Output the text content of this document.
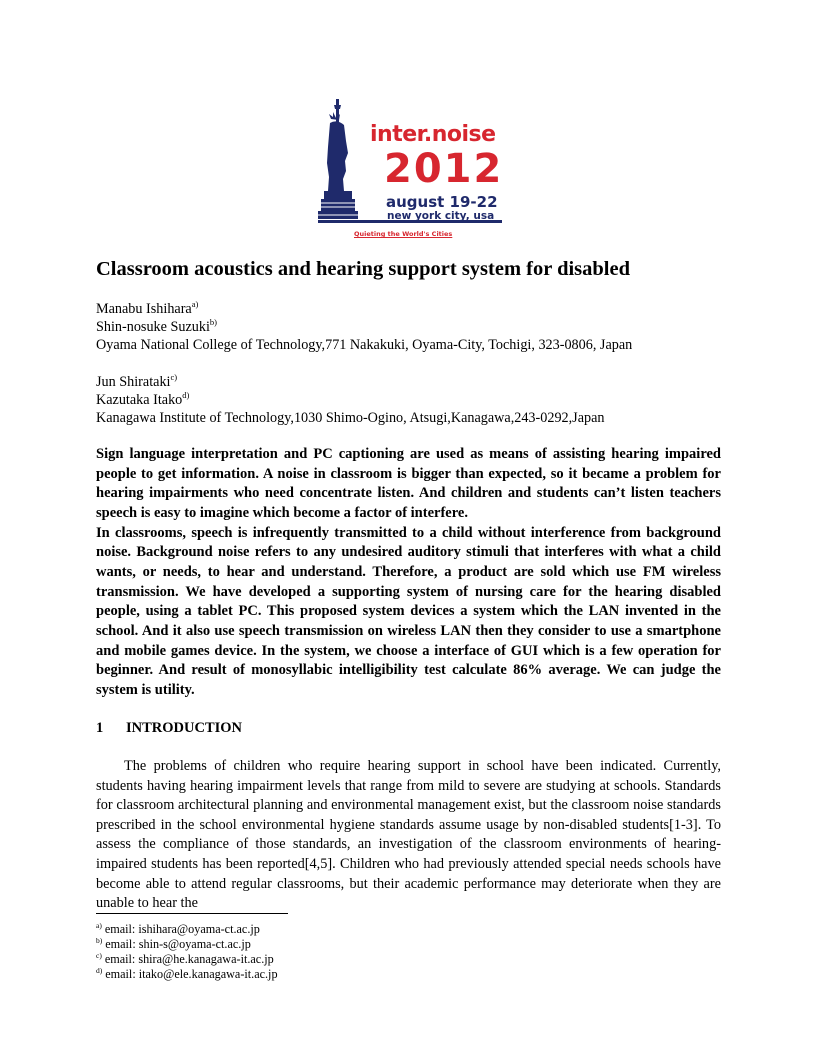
inter.noise
2012
august 19-22
new york city, usa
Quieting the World's Cities
Classroom acoustics and hearing support system for disabled
Manabu Ishihara$^{a)}$
Shin-nosuke Suzuki$^{b)}$
Oyama National College of Technology,771 Nakakuki, Oyama-City, Tochigi, 323-0806, Japan
Jun Shirataki$^{c)}$
Kazutaka Itako$^{d)}$
Kanagawa Institute of Technology,1030 Shimo-Ogino, Atsugi,Kanagawa,243-0292,Japan

Sign language interpretation and PC captioning are used as means of assisting hearing impaired people to get information. A noise in classroom is bigger than expected, so it became a problem for hearing impairments who need concentrate listen. And children and students can’t listen teachers speech is easy to imagine which become a factor of interfere.

In classrooms, speech is infrequently transmitted to a child without interference from background noise. Background noise refers to any undesired auditory stimuli that interferes with what a child wants, or needs, to hear and understand. Therefore, a product are sold which use FM wireless transmission. We have developed a supporting system of nursing care for the hearing disabled people, using a tablet PC. This proposed system devices a system which the LAN invented in the school. And it also use speech transmission on wireless LAN then they consider to use a smartphone and mobile games device. In the system, we choose a interface of GUI which is a few operation for beginner. And result of monosyllabic intelligibility test calculate 86% average. We can judge the system is utility.

1 INTRODUCTION

The problems of children who require hearing support in school have been indicated. Currently, students having hearing impairment levels that range from mild to severe are studying at schools. Standards for classroom architectural planning and environmental management exist, but the classroom noise standards prescribed in the school environmental hygiene standards assume usage by non-disabled students[1-3]. To assess the compliance of those standards, an investigation of the classroom environments of hearing-impaired students has been reported[4,5]. Children who had previously attended special needs schools have become able to attend regular classrooms, but their academic performance may deteriorate when they are unable to hear the

$^{a)}$ email: ishihara@oyama-ct.ac.jp
$^{b)}$ email: shin-s@oyama-ct.ac.jp
$^{c)}$ email: shira@he.kanagawa-it.ac.jp
$^{d)}$ email: itako@ele.kanagawa-it.ac.jp
